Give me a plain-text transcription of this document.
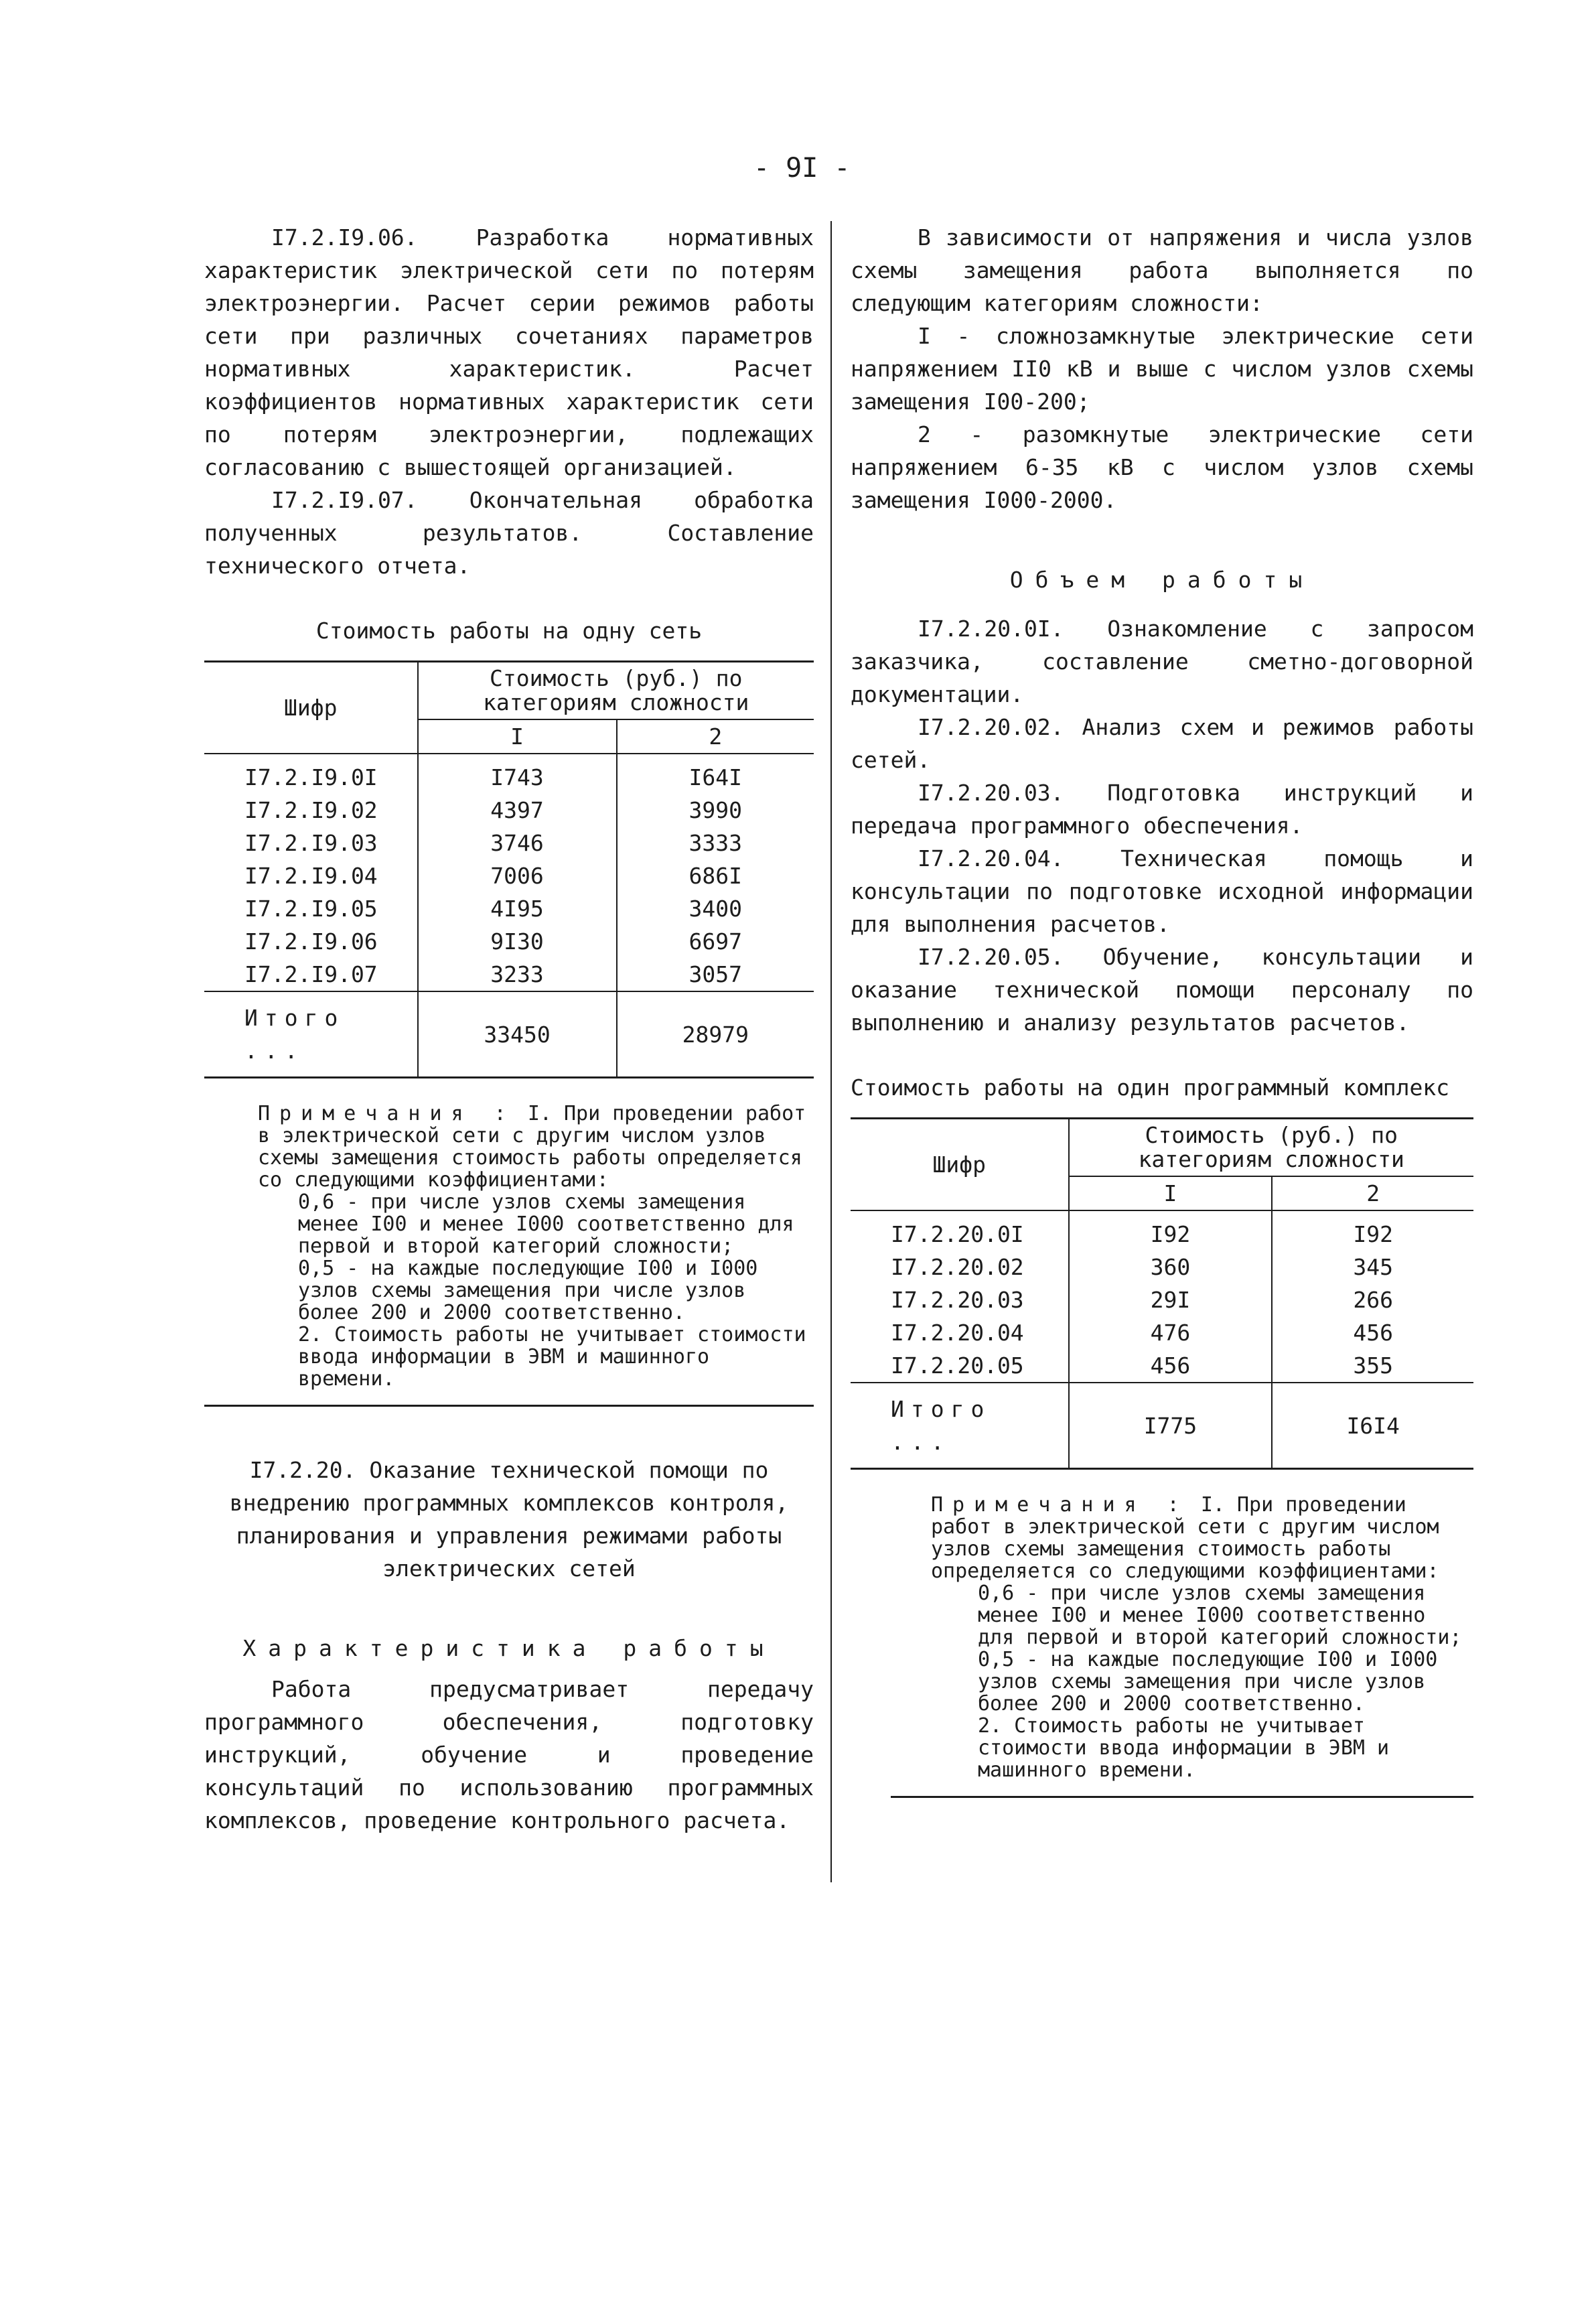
- 9I -

I7.2.I9.06. Разработка нормативных характеристик электрической сети по потерям электроэнергии. Расчет серии режимов работы сети при различных сочетаниях параметров нормативных характеристик. Расчет коэффициентов нормативных характеристик сети по потерям электроэнергии, подлежащих согласованию с вышестоящей организацией.

I7.2.I9.07. Окончательная обработка полученных результатов. Составление технического отчета.

Стоимость работы на одну сеть

Шифр	Стоимость (руб.) по категориям сложности	
	I	2
I7.2.I9.0I	I743	I64I
I7.2.I9.02	4397	3990
I7.2.I9.03	3746	3333
I7.2.I9.04	7006	686I
I7.2.I9.05	4I95	3400
I7.2.I9.06	9I30	6697
I7.2.I9.07	3233	3057
Итого ...	33450	28979
Примечания : I. При проведении работ в электрической сети с другим числом узлов схемы замещения стоимость работы определяется со следующими коэффициентами:
0,6 - при числе узлов схемы замещения менее I00 и менее I000 соответственно для первой и второй категорий сложности;
0,5 - на каждые последующие I00 и I000 узлов схемы замещения при числе узлов более 200 и 2000 соответственно.
2. Стоимость работы не учитывает стоимости ввода информации в ЭВМ и машинного времени.

I7.2.20. Оказание технической помощи по внедрению программных комплексов контроля, планирования и управления режимами работы электрических сетей

Характеристика работы

Работа предусматривает передачу программного обеспечения, подготовку инструкций, обучение и проведение консультаций по использованию программных комплексов, проведение контрольного расчета.

В зависимости от напряжения и числа узлов схемы замещения работа выполняется по следующим категориям сложности:

I - сложнозамкнутые электрические сети напряжением II0 кВ и выше с числом узлов схемы замещения I00-200;

2 - разомкнутые электрические сети напряжением 6-35 кВ с числом узлов схемы замещения I000-2000.

Объем работы

I7.2.20.0I. Ознакомление с запросом заказчика, составление сметно-договорной документации.

I7.2.20.02. Анализ схем и режимов работы сетей.

I7.2.20.03. Подготовка инструкций и передача программного обеспечения.

I7.2.20.04. Техническая помощь и консультации по подготовке исходной информации для выполнения расчетов.

I7.2.20.05. Обучение, консультации и оказание технической помощи персоналу по выполнению и анализу результатов расчетов.

Стоимость работы на один программный комплекс

Шифр	Стоимость (руб.) по категориям сложности	
	I	2
I7.2.20.0I	I92	I92
I7.2.20.02	360	345
I7.2.20.03	29I	266
I7.2.20.04	476	456
I7.2.20.05	456	355
Итого ...	I775	I6I4
Примечания : I. При проведении работ в электрической сети с другим числом узлов схемы замещения стоимость работы определяется со следующими коэффициентами:
0,6 - при числе узлов схемы замещения менее I00 и менее I000 соответственно для первой и второй категорий сложности;
0,5 - на каждые последующие I00 и I000 узлов схемы замещения при числе узлов более 200 и 2000 соответственно.
2. Стоимость работы не учитывает стоимости ввода информации в ЭВМ и машинного времени.
